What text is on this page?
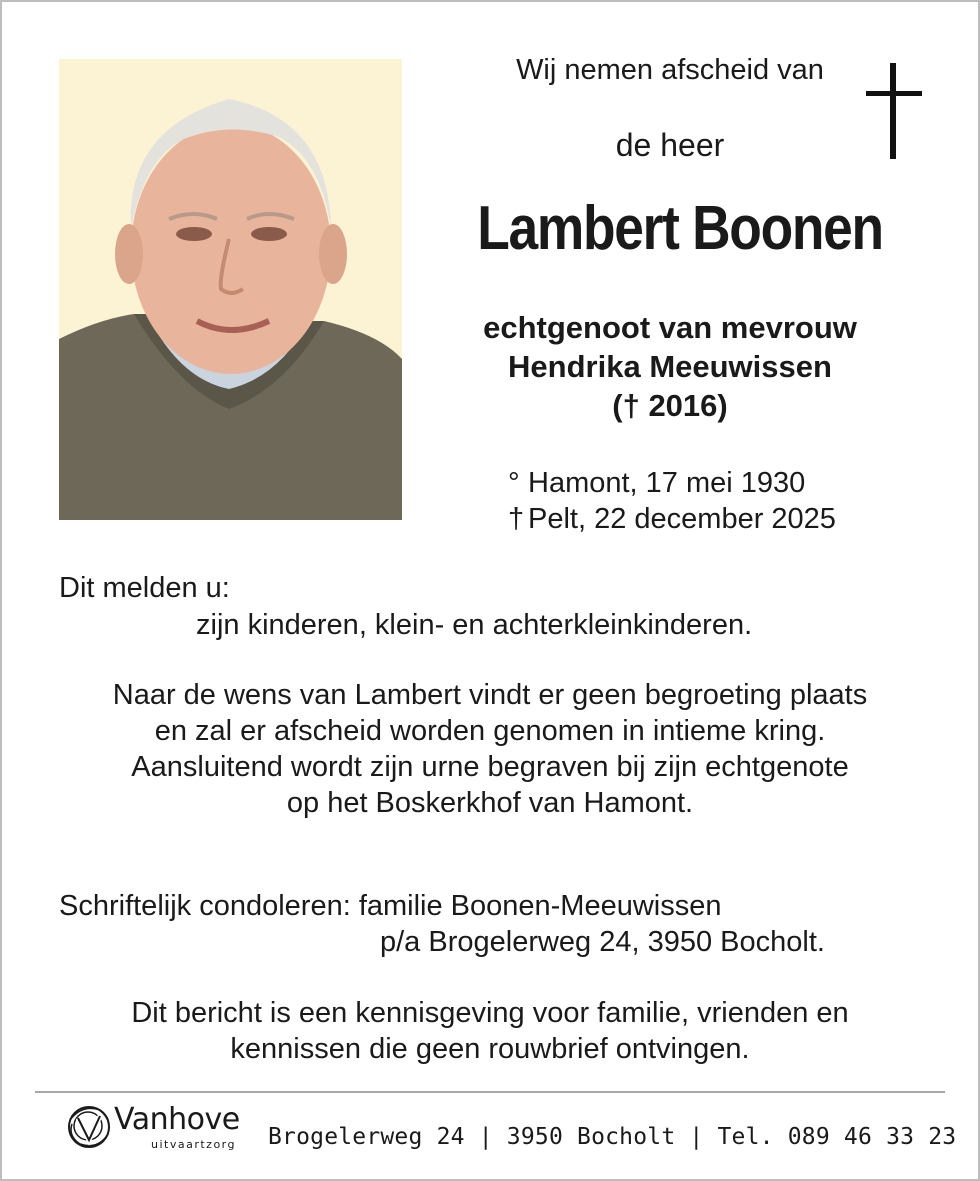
Wij nemen afscheid van
de heer
Lambert Boonen
echtgenoot van mevrouw
Hendrika Meeuwissen
(† 2016)
° Hamont, 17 mei 1930
† Pelt, 22 december 2025
Dit melden u:
zijn kinderen, klein- en achterkleinkinderen.
Naar de wens van Lambert vindt er geen begroeting plaats
en zal er afscheid worden genomen in intieme kring.
Aansluitend wordt zijn urne begraven bij zijn echtgenote
op het Boskerkhof van Hamont.
Schriftelijk condoleren: familie Boonen-Meeuwissen
p/a Brogelerweg 24, 3950 Bocholt.
Dit bericht is een kennisgeving voor familie, vrienden en
kennissen die geen rouwbrief ontvingen.
Vanhove
uitvaartzorg Brogelerweg 24 | 3950 Bocholt | Tel. 089 46 33 23
